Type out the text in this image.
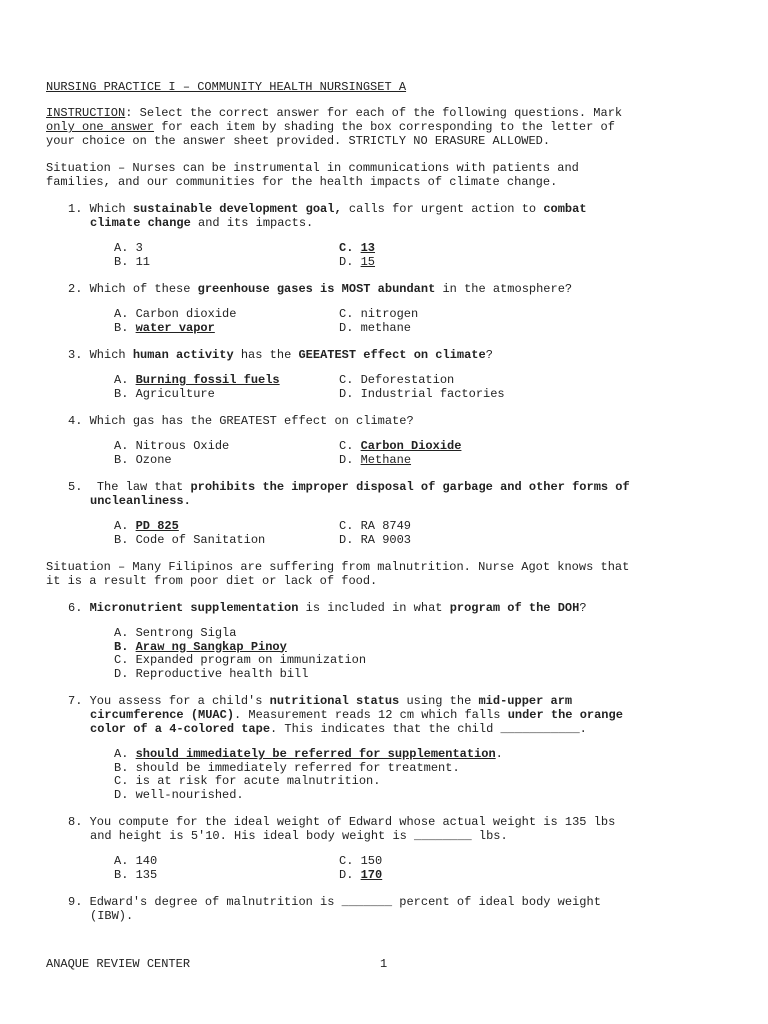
NURSING PRACTICE I – COMMUNITY HEALTH NURSINGSET A
INSTRUCTION: Select the correct answer for each of the following questions. Mark
only one answer for each item by shading the box corresponding to the letter of
your choice on the answer sheet provided. STRICTLY NO ERASURE ALLOWED.
Situation – Nurses can be instrumental in communications with patients and
families, and our communities for the health impacts of climate change.
1. Which sustainable development goal, calls for urgent action to combat
climate change and its impacts.
A. 3	C. 13
B. 11	D. 15
2. Which of these greenhouse gases is MOST abundant in the atmosphere?
A. Carbon dioxide	C. nitrogen
B. water vapor	D. methane
3. Which human activity has the GEEATEST effect on climate?
A. Burning fossil fuels	C. Deforestation
B. Agriculture	D. Industrial factories
4. Which gas has the GREATEST effect on climate?
A. Nitrous Oxide	C. Carbon Dioxide
B. Ozone	D. Methane
5.  The law that prohibits the improper disposal of garbage and other forms of
uncleanliness.
A. PD 825	C. RA 8749
B. Code of Sanitation	D. RA 9003
Situation – Many Filipinos are suffering from malnutrition. Nurse Agot knows that
it is a result from poor diet or lack of food.
6. Micronutrient supplementation is included in what program of the DOH?
A. Sentrong Sigla
B. Araw ng Sangkap Pinoy
C. Expanded program on immunization
D. Reproductive health bill
7. You assess for a child's nutritional status using the mid-upper arm
circumference (MUAC). Measurement reads 12 cm which falls under the orange
color of a 4-colored tape. This indicates that the child ___________.
A. should immediately be referred for supplementation.
B. should be immediately referred for treatment.
C. is at risk for acute malnutrition.
D. well-nourished.
8. You compute for the ideal weight of Edward whose actual weight is 135 lbs
and height is 5'10. His ideal body weight is ________ lbs.
A. 140	C. 150
B. 135	D. 170
9. Edward's degree of malnutrition is _______ percent of ideal body weight
(IBW).
ANAQUE REVIEW CENTER	1
